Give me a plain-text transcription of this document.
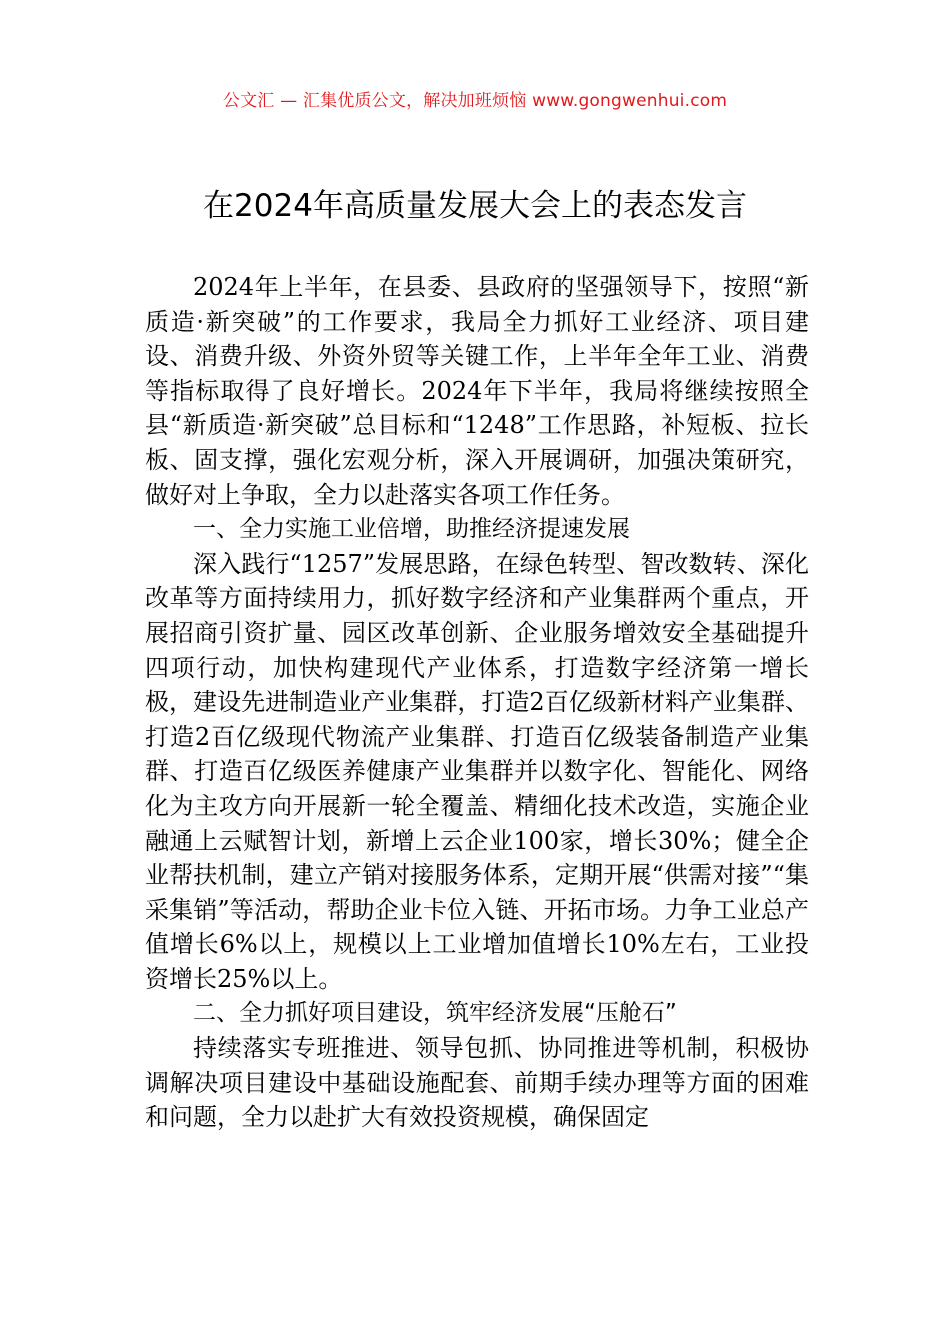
公文汇 — 汇集优质公文，解决加班烦恼 www.gongwenhui.com
在2024年高质量发展大会上的表态发言

2024年上半年，在县委、县政府的坚强领导下，按照“新质造·新突破”的工作要求，我局全力抓好工业经济、项目建设、消费升级、外资外贸等关键工作，上半年全年工业、消费等指标取得了良好增长。2024年下半年，我局将继续按照全县“新质造·新突破”总目标和“1248”工作思路，补短板、拉长板、固支撑，强化宏观分析，深入开展调研，加强决策研究，做好对上争取，全力以赴落实各项工作任务。

一、全力实施工业倍增，助推经济提速发展

深入践行“1257”发展思路，在绿色转型、智改数转、深化改革等方面持续用力，抓好数字经济和产业集群两个重点，开展招商引资扩量、园区改革创新、企业服务增效安全基础提升四项行动，加快构建现代产业体系，打造数字经济第一增长极，建设先进制造业产业集群，打造2百亿级新材料产业集群、打造2百亿级现代物流产业集群、打造百亿级装备制造产业集群、打造百亿级医养健康产业集群并以数字化、智能化、网络化为主攻方向开展新一轮全覆盖、精细化技术改造，实施企业融通上云赋智计划，新增上云企业100家，增长30%；健全企业帮扶机制，建立产销对接服务体系，定期开展“供需对接”“集采集销”等活动，帮助企业卡位入链、开拓市场。力争工业总产值增长6%以上，规模以上工业增加值增长10%左右，工业投资增长25%以上。

二、全力抓好项目建设，筑牢经济发展“压舱石”

持续落实专班推进、领导包抓、协同推进等机制，积极协调解决项目建设中基础设施配套、前期手续办理等方面的困难和问题，全力以赴扩大有效投资规模，确保固定
